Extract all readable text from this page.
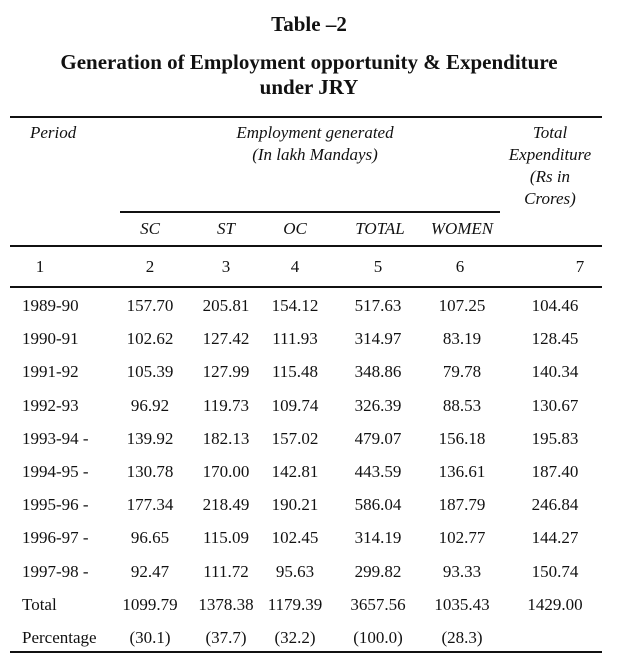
Table –2
Generation of Employment opportunity & Expenditure
under JRY
Period	Employment generated
(In lakh Mandays)
Total
Expenditure
(Rs in
Crores)
SC	ST	OC	TOTAL	WOMEN
1	2	3	4	5	6	7
1989-90	157.70	205.81	154.12	517.63	107.25	104.46
1990-91	102.62	127.42	111.93	314.97	83.19	128.45
1991-92	105.39	127.99	115.48	348.86	79.78	140.34
1992-93	96.92	119.73	109.74	326.39	88.53	130.67
1993-94 -	139.92	182.13	157.02	479.07	156.18	195.83
1994-95 -	130.78	170.00	142.81	443.59	136.61	187.40
1995-96 -	177.34	218.49	190.21	586.04	187.79	246.84
1996-97 -	96.65	115.09	102.45	314.19	102.77	144.27
1997-98 -	92.47	111.72	95.63	299.82	93.33	150.74
Total	1099.79	1378.38 1179.39	3657.56	1035.43	1429.00
Percentage	(30.1)	(37.7)	(32.2)	(100.0)	(28.3)
